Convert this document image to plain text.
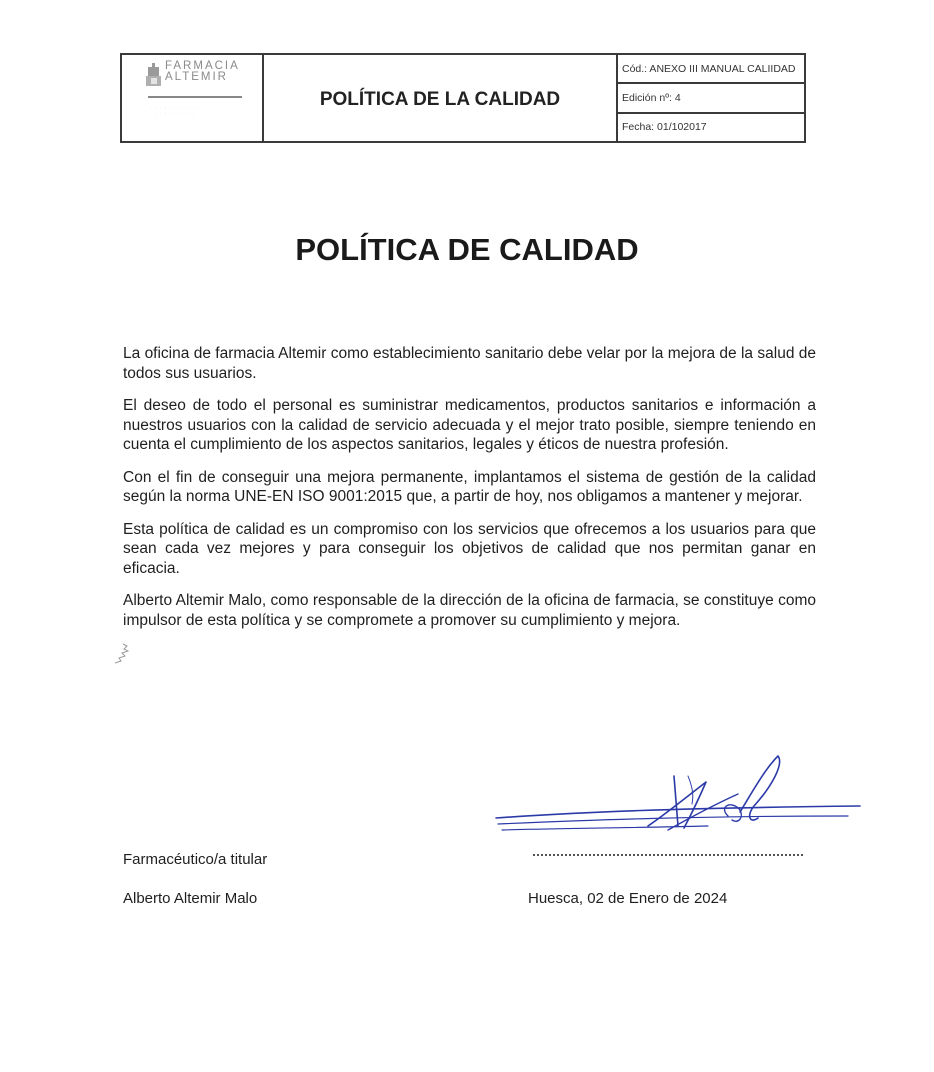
FARMACIA
ALTEMIR
· · · · · · · · · · · ·
· · · · · · · · · ·
POLÍTICA DE LA CALIDAD
Cód.: ANEXO III MANUAL CALIIDAD
Edición nº: 4
Fecha: 01/102017
POLÍTICA DE CALIDAD

La oficina de farmacia Altemir como establecimiento sanitario debe velar por la mejora de la salud de todos sus usuarios.

El deseo de todo el personal es suministrar medicamentos, productos sanitarios e información a nuestros usuarios con la calidad de servicio adecuada y el mejor trato posible, siempre teniendo en cuenta el cumplimiento de los aspectos sanitarios, legales y éticos de nuestra profesión.

Con el fin de conseguir una mejora permanente, implantamos el sistema de gestión de la calidad según la norma UNE-EN ISO 9001:2015 que, a partir de hoy, nos obligamos a mantener y mejorar.

Esta política de calidad es un compromiso con los servicios que ofrecemos a los usuarios para que sean cada vez mejores y para conseguir los objetivos de calidad que nos permitan ganar en eficacia.

Alberto Altemir Malo, como responsable de la dirección de la oficina de farmacia, se constituye como impulsor de esta política y se compromete a promover su cumplimiento y mejora.

Farmacéutico/a titular
Alberto Altemir Malo	Huesca, 02 de Enero de 2024
